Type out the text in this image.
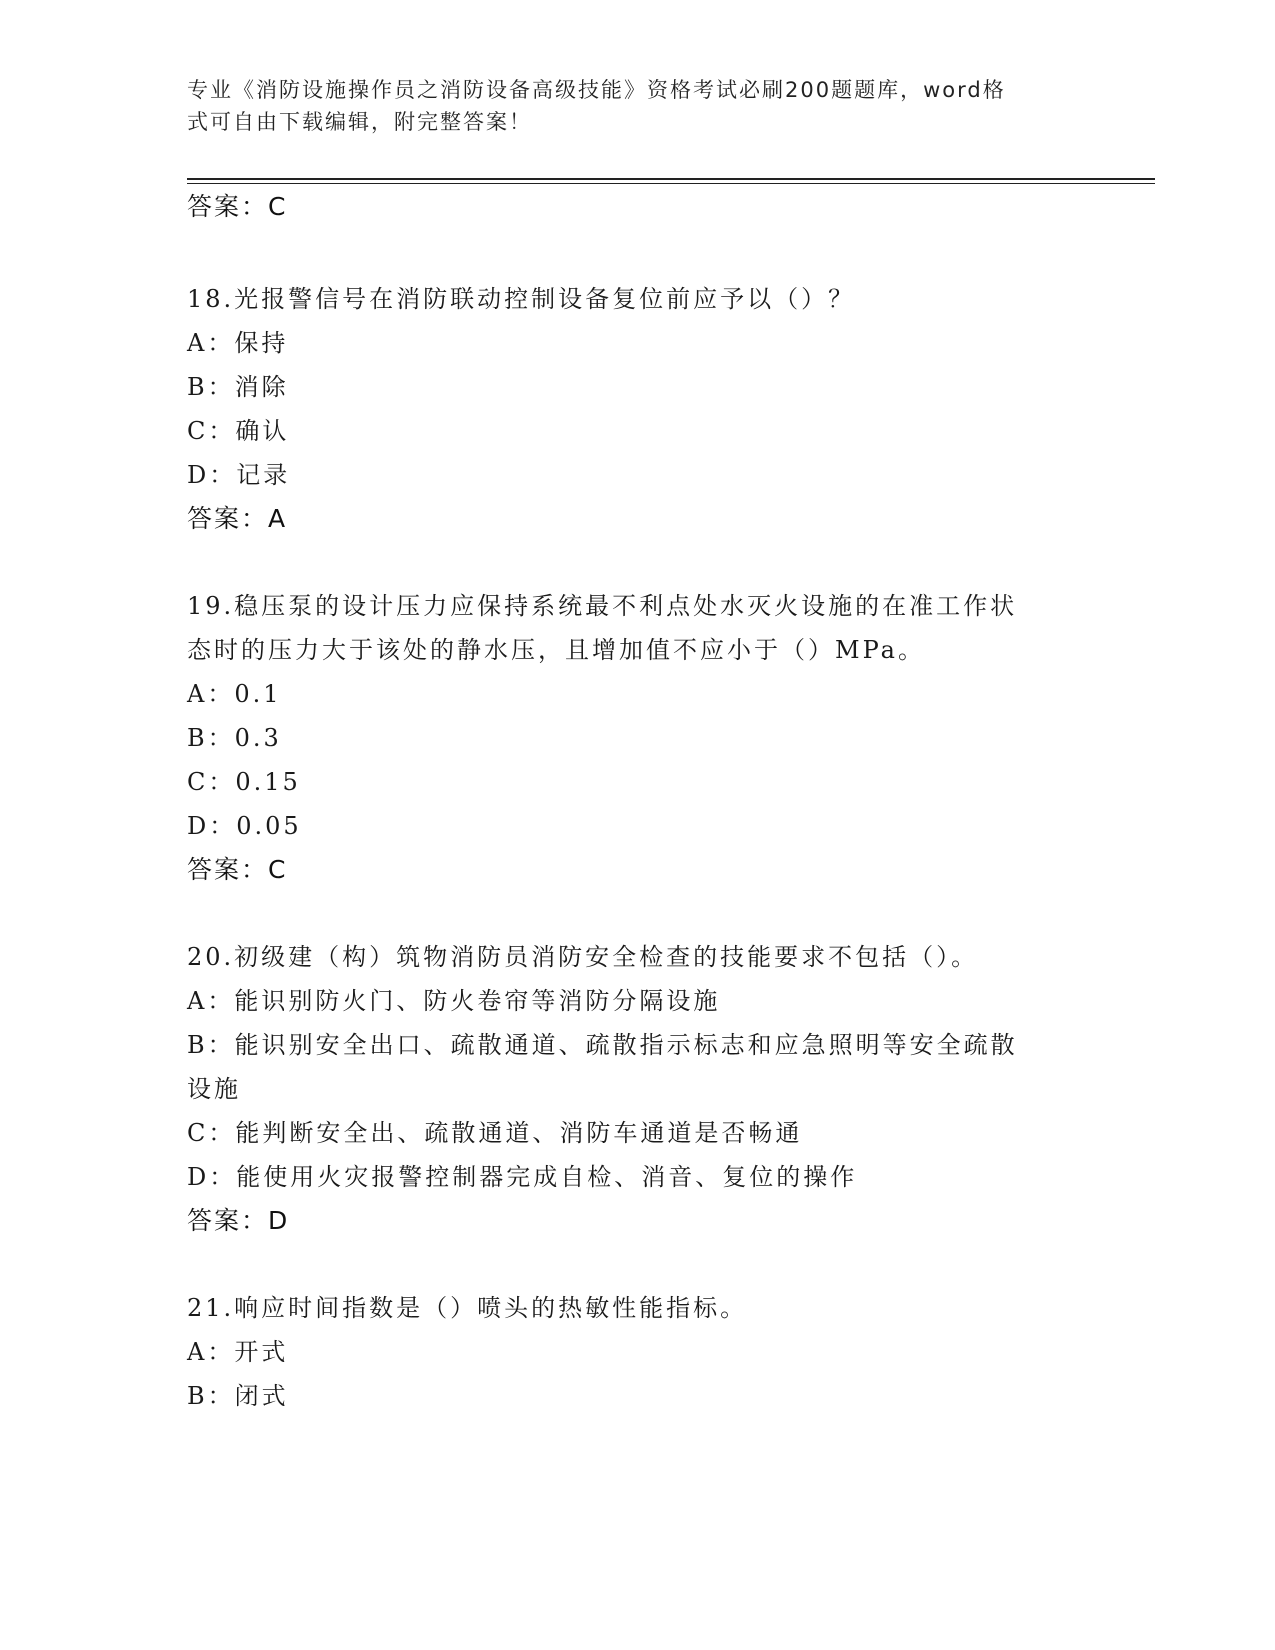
专业《消防设施操作员之消防设备高级技能》资格考试必刷200题题库，word格
式可自由下载编辑，附完整答案！
答案：C
18.光报警信号在消防联动控制设备复位前应予以（）？
A：保持
B：消除
C：确认
D：记录
答案：A
19.稳压泵的设计压力应保持系统最不利点处水灭火设施的在准工作状
态时的压力大于该处的静水压，且增加值不应小于（）MPa。
A：0.1
B：0.3
C：0.15
D：0.05
答案：C
20.初级建（构）筑物消防员消防安全检查的技能要求不包括（）。
A：能识别防火门、防火卷帘等消防分隔设施
B：能识别安全出口、疏散通道、疏散指示标志和应急照明等安全疏散
设施
C：能判断安全出、疏散通道、消防车通道是否畅通
D：能使用火灾报警控制器完成自检、消音、复位的操作
答案：D
21.响应时间指数是（）喷头的热敏性能指标。
A：开式
B：闭式
